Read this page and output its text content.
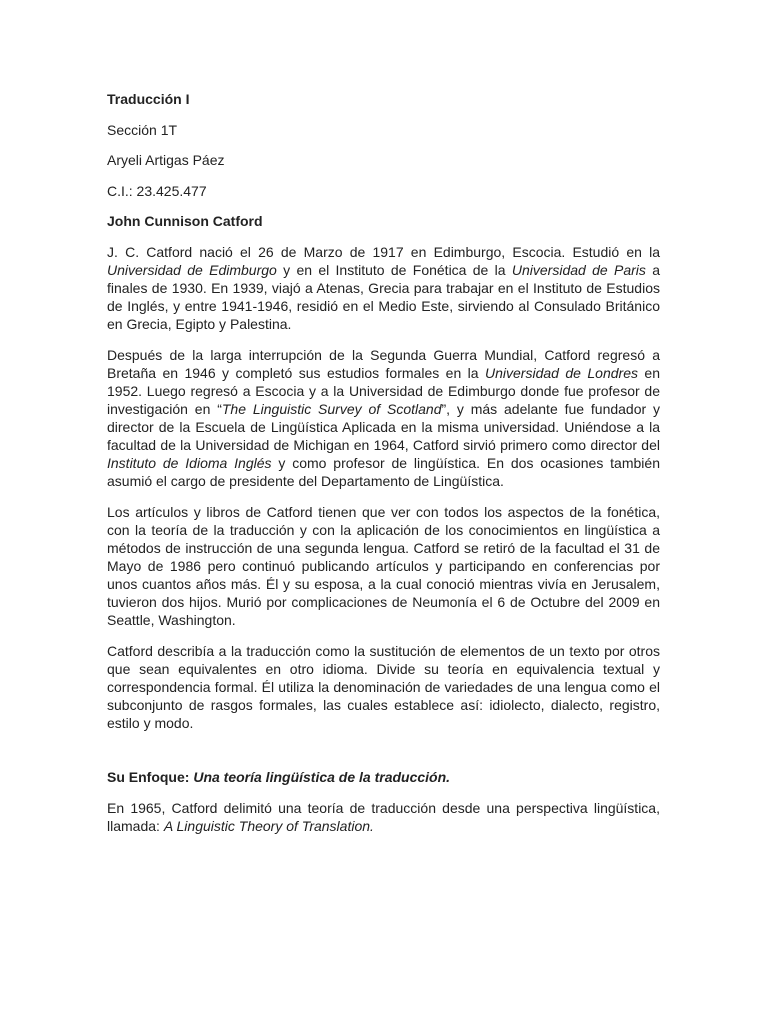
Traducción I
Sección 1T
Aryeli Artigas Páez
C.I.: 23.425.477
John Cunnison Catford

J. C. Catford nació el 26 de Marzo de 1917 en Edimburgo, Escocia. Estudió en la Universidad de Edimburgo y en el Instituto de Fonética de la Universidad de Paris a finales de 1930. En 1939, viajó a Atenas, Grecia para trabajar en el Instituto de Estudios de Inglés, y entre 1941-1946, residió en el Medio Este, sirviendo al Consulado Británico en Grecia, Egipto y Palestina.

Después de la larga interrupción de la Segunda Guerra Mundial, Catford regresó a Bretaña en 1946 y completó sus estudios formales en la Universidad de Londres en 1952. Luego regresó a Escocia y a la Universidad de Edimburgo donde fue profesor de investigación en “The Linguistic Survey of Scotland”, y más adelante fue fundador y director de la Escuela de Lingüística Aplicada en la misma universidad. Uniéndose a la facultad de la Universidad de Michigan en 1964, Catford sirvió primero como director del Instituto de Idioma Inglés y como profesor de lingüística. En dos ocasiones también asumió el cargo de presidente del Departamento de Lingüística.

Los artículos y libros de Catford tienen que ver con todos los aspectos de la fonética, con la teoría de la traducción y con la aplicación de los conocimientos en lingüística a métodos de instrucción de una segunda lengua. Catford se retiró de la facultad el 31 de Mayo de 1986 pero continuó publicando artículos y participando en conferencias por unos cuantos años más. Él y su esposa, a la cual conoció mientras vivía en Jerusalem, tuvieron dos hijos. Murió por complicaciones de Neumonía el 6 de Octubre del 2009 en Seattle, Washington.

Catford describía a la traducción como la sustitución de elementos de un texto por otros que sean equivalentes en otro idioma. Divide su teoría en equivalencia textual y correspondencia formal. Él utiliza la denominación de variedades de una lengua como el subconjunto de rasgos formales, las cuales establece así: idiolecto, dialecto, registro, estilo y modo.

Su Enfoque: Una teoría lingüística de la traducción.

En 1965, Catford delimitó una teoría de traducción desde una perspectiva lingüística, llamada: A Linguistic Theory of Translation.
